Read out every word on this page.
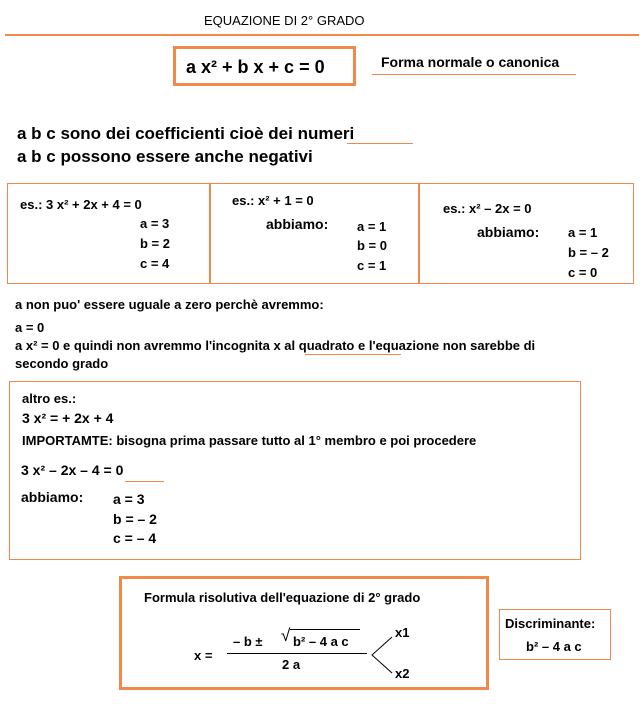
EQUAZIONE DI 2° GRADO
a x² + b x + c = 0	Forma normale o canonica
a b c sono dei coefficienti cioè dei numeri
a b c possono essere anche negativi
es.: 3 x² + 2x + 4 = 0
a = 3
b = 2
c = 4
es.: x² + 1 = 0
abbiamo: a = 1
b = 0
c = 1
es.: x² – 2x = 0
abbiamo: a = 1
b = – 2
c = 0
a non puo' essere uguale a zero perchè avremmo:
a = 0
a x² = 0 e quindi non avremmo l'incognita x al quadrato e l'equazione non sarebbe di
secondo grado
altro es.:
3 x² = + 2x + 4
IMPORTAMTE: bisogna prima passare tutto al 1° membro e poi procedere
3 x² – 2x – 4 = 0
abbiamo: a = 3
b = – 2
c = – 4
Formula risolutiva dell'equazione di 2° grado
x =
– b ± √ b² – 4 a c
2 a
x1
x2
Discriminante:
b² – 4 a c
